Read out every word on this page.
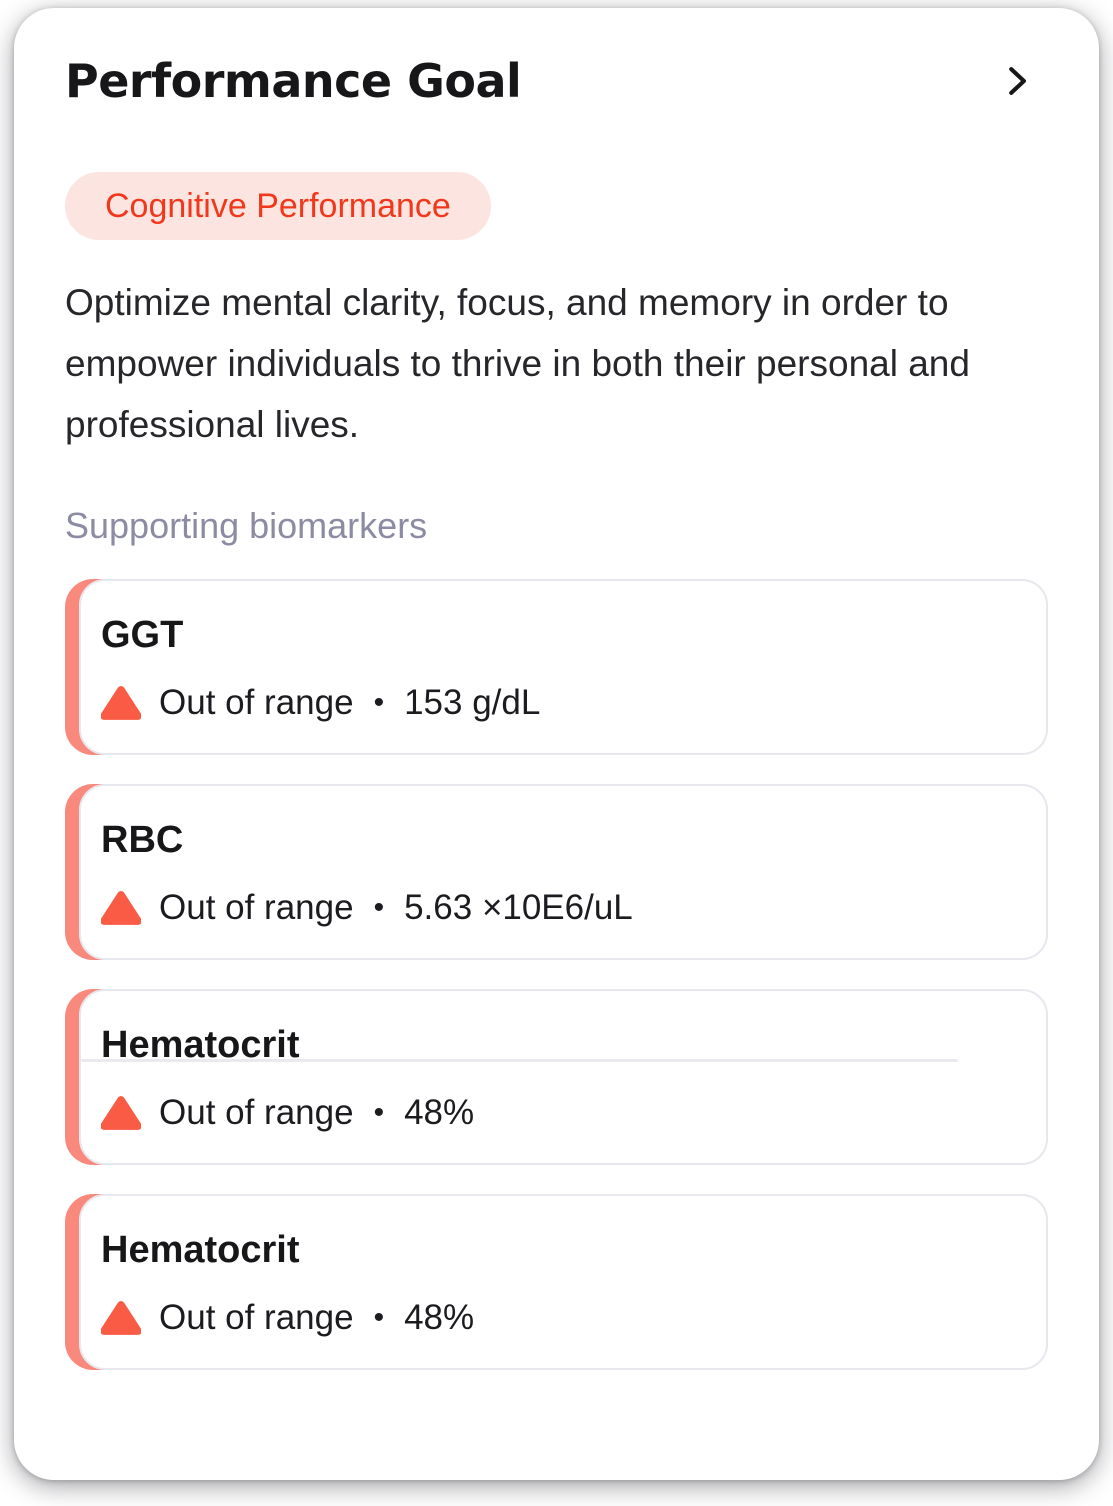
Performance Goal
Cognitive Performance

Optimize mental clarity, focus, and memory in order to empower individuals to thrive in both their personal and professional lives.

Supporting biomarkers
GGT
Out of range • 153 g/dL
RBC
Out of range • 5.63 ×10E6/uL
Hematocrit
Out of range • 48%
Hematocrit
Out of range • 48%
